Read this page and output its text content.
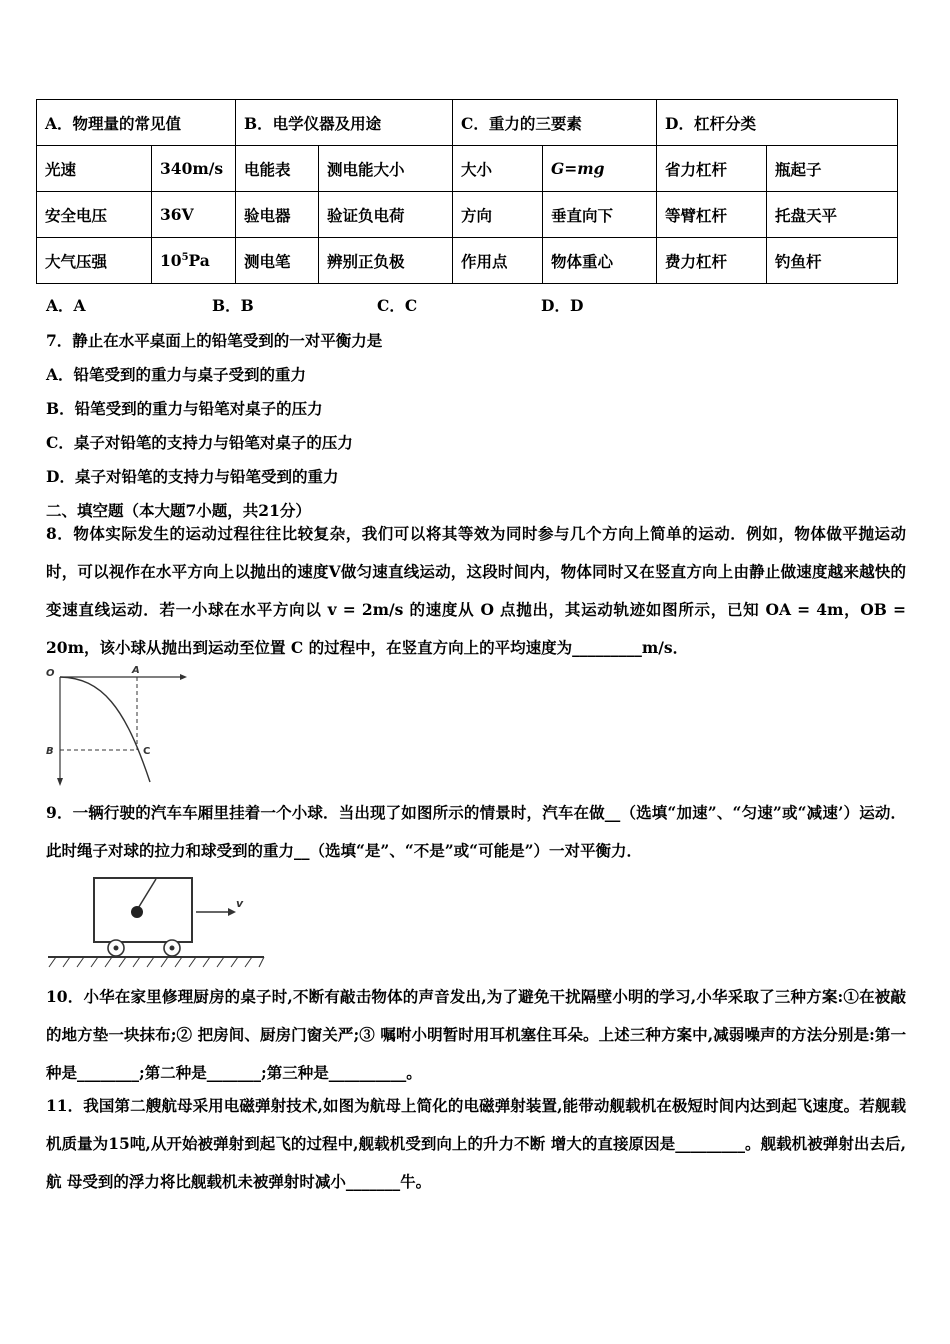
A．物理量的常见值		B．电学仪器及用途		C．重力的三要素		D．杠杆分类	
光速	340m/s	电能表	测电能大小	大小	G=mg	省力杠杆	瓶起子
安全电压	36V	验电器	验证负电荷	方向	垂直向下	等臂杠杆	托盘天平
大气压强	$10^5Pa$	测电笔	辨别正负极	作用点	物体重心	费力杠杆	钓鱼杆
A．A	B．B	C．C	D．D
7．静止在水平桌面上的铅笔受到的一对平衡力是
A．铅笔受到的重力与桌子受到的重力
B．铅笔受到的重力与铅笔对桌子的压力
C．桌子对铅笔的支持力与铅笔对桌子的压力
D．桌子对铅笔的支持力与铅笔受到的重力
二、填空题（本大题7小题，共21分）
8．物体实际发生的运动过程往往比较复杂，我们可以将其等效为同时参与几个方向上简单的运动．例如，物体做平抛运动时，可以视作在水平方向上以抛出的速度V做匀速直线运动，这段时间内，物体同时又在竖直方向上由静止做速度越来越快的变速直线运动．若一小球在水平方向以 v = 2m/s 的速度从 O 点抛出，其运动轨迹如图所示，已知 OA = 4m，OB = 20m，该小球从抛出到运动至位置 C 的过程中，在竖直方向上的平均速度为_________m/s．
O	A
B	C
9．一辆行驶的汽车车厢里挂着一个小球．当出现了如图所示的情景时，汽车在做__（选填“加速”、“匀速”或“减速’）运动．此时绳子对球的拉力和球受到的重力__（选填“是”、“不是”或“可能是”）一对平衡力．
v
10．小华在家里修理厨房的桌子时,不断有敲击物体的声音发出,为了避免干扰隔壁小明的学习,小华采取了三种方案:①在被敲的地方垫一块抹布;② 把房间、厨房门窗关严;③ 嘱咐小明暂时用耳机塞住耳朵。上述三种方案中,减弱噪声的方法分别是:第一种是________;第二种是_______;第三种是__________。
11．我国第二艘航母采用电磁弹射技术,如图为航母上简化的电磁弹射装置,能带动舰载机在极短时间内达到起飞速度。若舰载机质量为15吨,从开始被弹射到起飞的过程中,舰载机受到向上的升力不断 增大的直接原因是_________。舰载机被弹射出去后,航 母受到的浮力将比舰载机未被弹射时减小_______牛。
